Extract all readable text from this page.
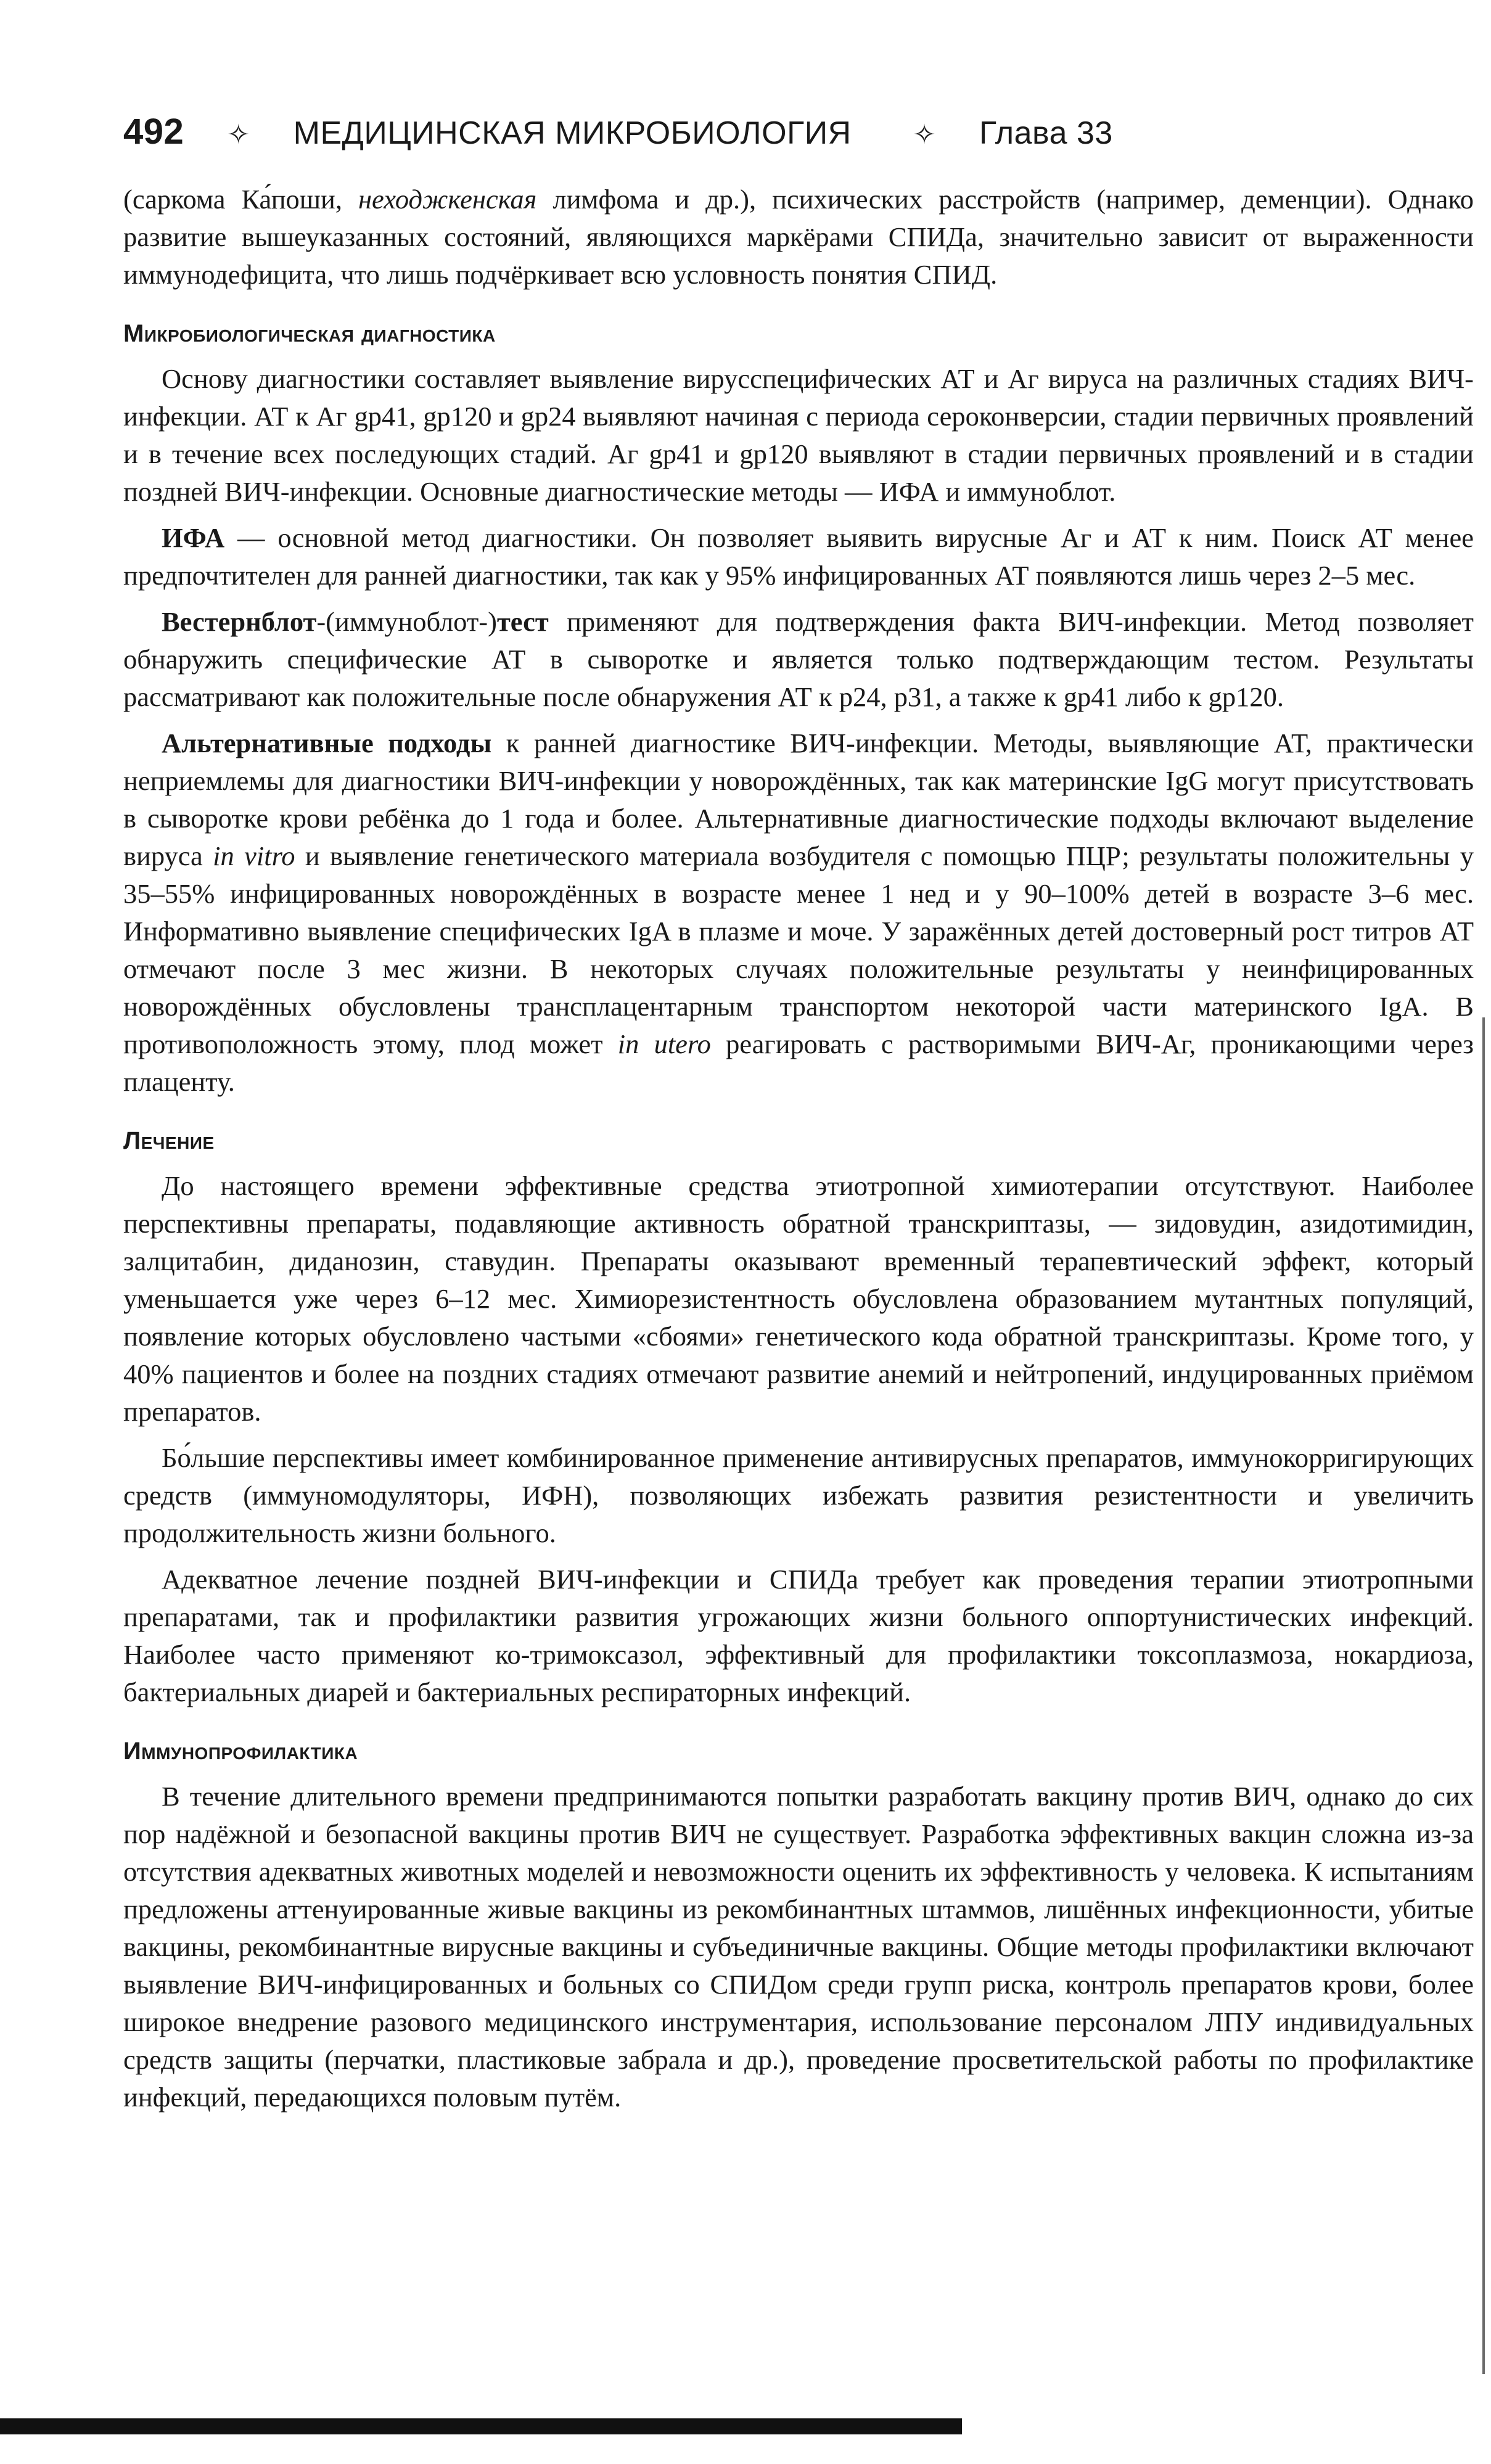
492 ✧ МЕДИЦИНСКАЯ МИКРОБИОЛОГИЯ ✧ Глава 33

(саркома Ка́поши, неходжкенская лимфома и др.), психических расстройств (например, деменции). Однако развитие вышеуказанных состояний, являющихся маркёрами СПИДа, значительно зависит от выраженности иммунодефицита, что лишь подчёркивает всю условность понятия СПИД.

Микробиологическая диагностика

Основу диагностики составляет выявление вирусспецифических АТ и Аг вируса на различных стадиях ВИЧ-инфекции. АТ к Аг gp41, gp120 и gp24 выявляют начиная с периода сероконверсии, стадии первичных проявлений и в течение всех последующих стадий. Аг gp41 и gp120 выявляют в стадии первичных проявлений и в стадии поздней ВИЧ-инфекции. Основные диагностические методы — ИФА и иммуноблот.

ИФА — основной метод диагностики. Он позволяет выявить вирусные Аг и АТ к ним. Поиск АТ менее предпочтителен для ранней диагностики, так как у 95% инфицированных АТ появляются лишь через 2–5 мес.

Вестернблот-(иммуноблот-)тест применяют для подтверждения факта ВИЧ-инфекции. Метод позволяет обнаружить специфические АТ в сыворотке и является только подтверждающим тестом. Результаты рассматривают как положительные после обнаружения АТ к p24, p31, а также к gp41 либо к gp120.

Альтернативные подходы к ранней диагностике ВИЧ-инфекции. Методы, выявляющие АТ, практически неприемлемы для диагностики ВИЧ-инфекции у новорождённых, так как материнские IgG могут присутствовать в сыворотке крови ребёнка до 1 года и более. Альтернативные диагностические подходы включают выделение вируса in vitro и выявление генетического материала возбудителя с помощью ПЦР; результаты положительны у 35–55% инфицированных новорождённых в возрасте менее 1 нед и у 90–100% детей в возрасте 3–6 мес. Информативно выявление специфических IgA в плазме и моче. У заражённых детей достоверный рост титров АТ отмечают после 3 мес жизни. В некоторых случаях положительные результаты у неинфицированных новорождённых обусловлены трансплацентарным транспортом некоторой части материнского IgA. В противоположность этому, плод может in utero реагировать с растворимыми ВИЧ-Аг, проникающими через плаценту.

Лечение

До настоящего времени эффективные средства этиотропной химиотерапии отсутствуют. Наиболее перспективны препараты, подавляющие активность обратной транскриптазы, — зидовудин, азидотимидин, залцитабин, диданозин, ставудин. Препараты оказывают временный терапевтический эффект, который уменьшается уже через 6–12 мес. Химиорезистентность обусловлена образованием мутантных популяций, появление которых обусловлено частыми «сбоями» генетического кода обратной транскриптазы. Кроме того, у 40% пациентов и более на поздних стадиях отмечают развитие анемий и нейтропений, индуцированных приёмом препаратов.

Бо́льшие перспективы имеет комбинированное применение антивирусных препаратов, иммунокорригирующих средств (иммуномодуляторы, ИФН), позволяющих избежать развития резистентности и увеличить продолжительность жизни больного.

Адекватное лечение поздней ВИЧ-инфекции и СПИДа требует как проведения терапии этиотропными препаратами, так и профилактики развития угрожающих жизни больного оппортунистических инфекций. Наиболее часто применяют ко-тримоксазол, эффективный для профилактики токсоплазмоза, нокардиоза, бактериальных диарей и бактериальных респираторных инфекций.

Иммунопрофилактика

В течение длительного времени предпринимаются попытки разработать вакцину против ВИЧ, однако до сих пор надёжной и безопасной вакцины против ВИЧ не существует. Разработка эффективных вакцин сложна из-за отсутствия адекватных животных моделей и невозможности оценить их эффективность у человека. К испытаниям предложены аттенуированные живые вакцины из рекомбинантных штаммов, лишённых инфекционности, убитые вакцины, рекомбинантные вирусные вакцины и субъединичные вакцины. Общие методы профилактики включают выявление ВИЧ-инфицированных и больных со СПИДом среди групп риска, контроль препаратов крови, более широкое внедрение разового медицинского инструментария, использование персоналом ЛПУ индивидуальных средств защиты (перчатки, пластиковые забрала и др.), проведение просветительской работы по профилактике инфекций, передающихся половым путём.
